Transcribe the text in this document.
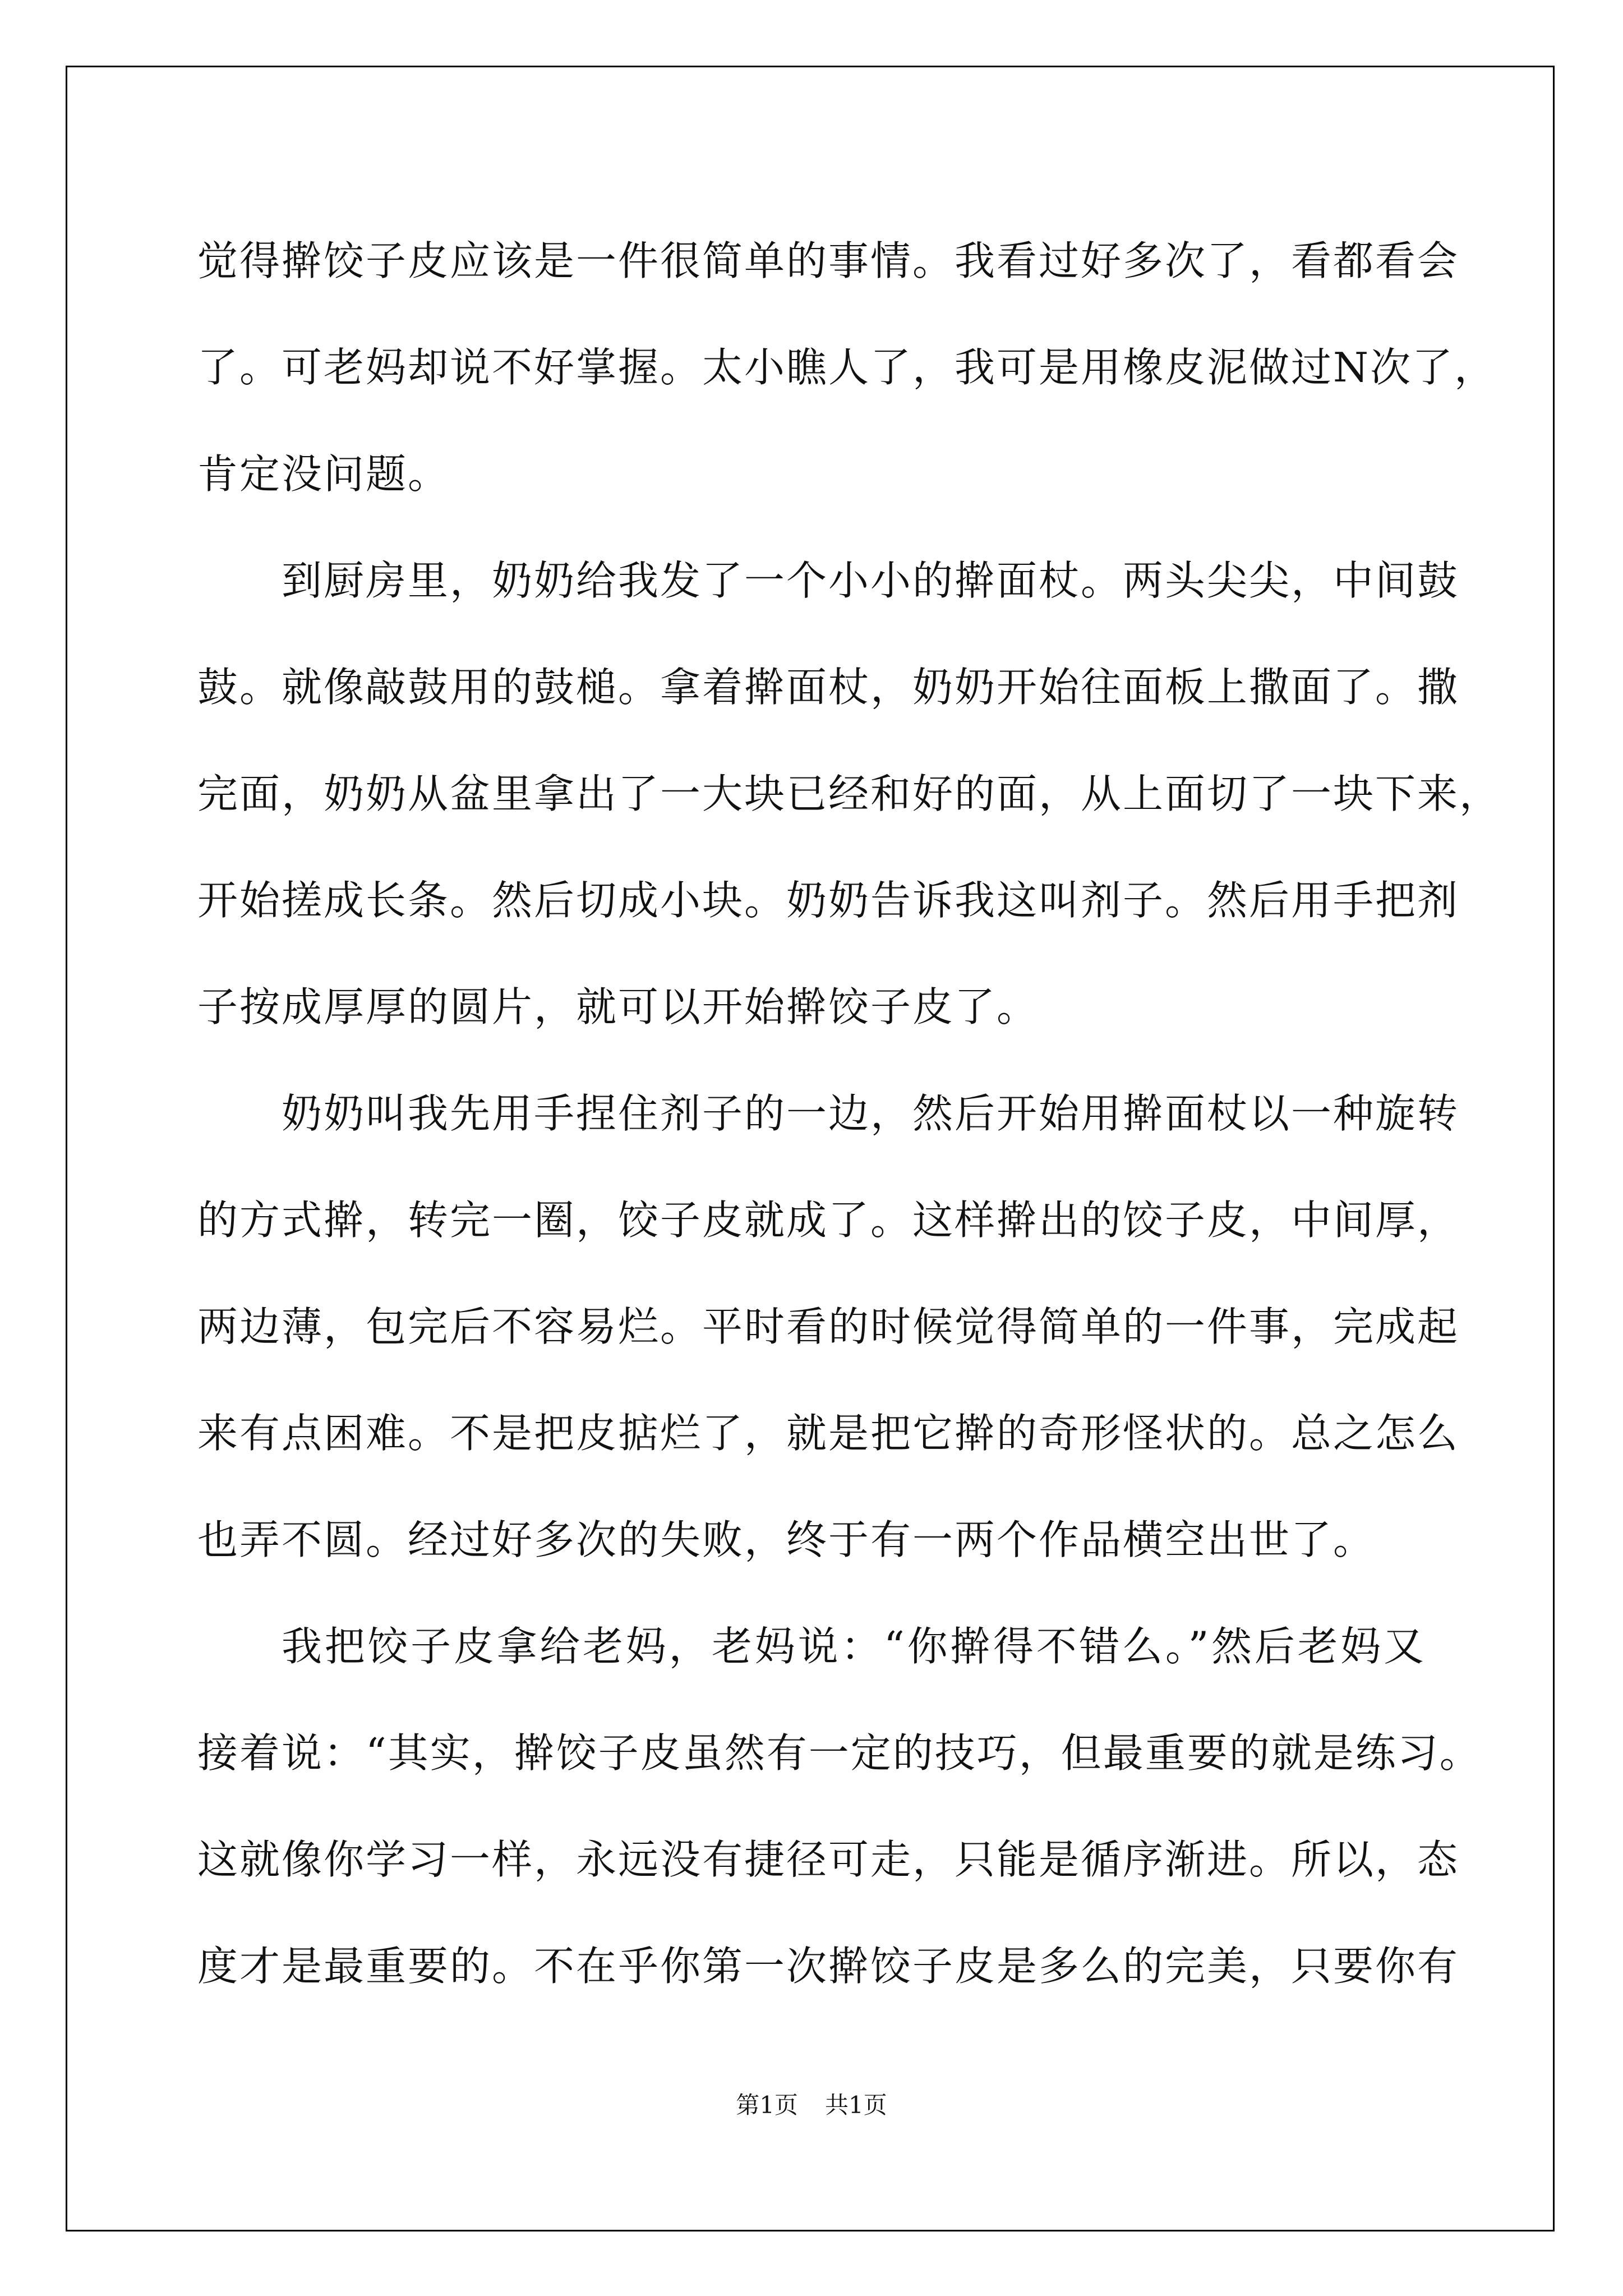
觉得擀饺子皮应该是一件很简单的事情。我看过好多次了，看都看会
了。可老妈却说不好掌握。太小瞧人了，我可是用橡皮泥做过N次了，
肯定没问题。
到厨房里，奶奶给我发了一个小小的擀面杖。两头尖尖，中间鼓
鼓。就像敲鼓用的鼓槌。拿着擀面杖，奶奶开始往面板上撒面了。撒
完面，奶奶从盆里拿出了一大块已经和好的面，从上面切了一块下来，
开始搓成长条。然后切成小块。奶奶告诉我这叫剂子。然后用手把剂
子按成厚厚的圆片，就可以开始擀饺子皮了。
奶奶叫我先用手捏住剂子的一边，然后开始用擀面杖以一种旋转
的方式擀，转完一圈，饺子皮就成了。这样擀出的饺子皮，中间厚，
两边薄，包完后不容易烂。平时看的时候觉得简单的一件事，完成起
来有点困难。不是把皮掂烂了，就是把它擀的奇形怪状的。总之怎么
也弄不圆。经过好多次的失败，终于有一两个作品横空出世了。
我把饺子皮拿给老妈，老妈说：“你擀得不错么。”然后老妈又
接着说：“其实，擀饺子皮虽然有一定的技巧，但最重要的就是练习。
这就像你学习一样，永远没有捷径可走，只能是循序渐进。所以，态
度才是最重要的。不在乎你第一次擀饺子皮是多么的完美，只要你有
第1页 共1页
